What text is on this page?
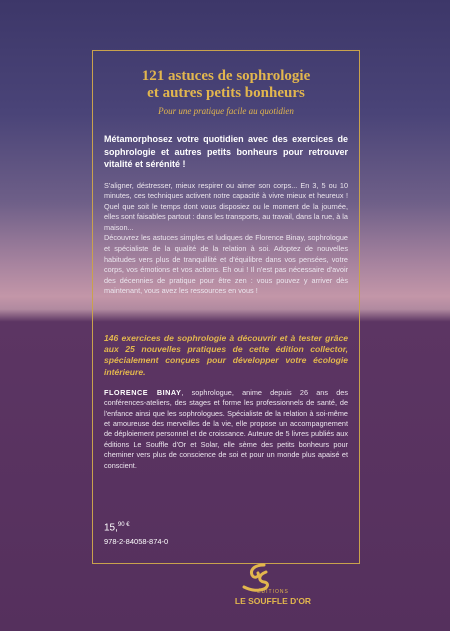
121 astuces de sophrologie
et autres petits bonheurs

Pour une pratique facile au quotidien

Métamorphosez votre quotidien avec des exercices de sophrologie et autres petits bonheurs pour retrouver vitalité et sérénité !

S'aligner, déstresser, mieux respirer ou aimer son corps... En 3, 5 ou 10 minutes, ces techniques activent notre capacité à vivre mieux et heureux ! Quel que soit le temps dont vous disposiez ou le moment de la journée, elles sont faisables partout : dans les transports, au travail, dans la rue, à la maison...

Découvrez les astuces simples et ludiques de Florence Binay, sophrologue et spécialiste de la qualité de la relation à soi. Adoptez de nouvelles habitudes vers plus de tranquillité et d'équilibre dans vos pensées, votre corps, vos émotions et vos actions. Eh oui ! Il n'est pas nécessaire d'avoir des décennies de pratique pour être zen : vous pouvez y arriver dès maintenant, vous avez les ressources en vous !

146 exercices de sophrologie à découvrir et à tester grâce aux 25 nouvelles pratiques de cette édition collector, spécialement conçues pour développer votre écologie intérieure.

FLORENCE BINAY, sophrologue, anime depuis 26 ans des conférences-ateliers, des stages et forme les professionnels de santé, de l'enfance ainsi que les sophrologues. Spécialiste de la relation à soi-même et amoureuse des merveilles de la vie, elle propose un accompagnement de déploiement personnel et de croissance. Auteure de 5 livres publiés aux éditions Le Souffle d'Or et Solar, elle sème des petits bonheurs pour cheminer vers plus de conscience de soi et pour un monde plus apaisé et conscient.

15,$^{90 €}$
978-2-84058-874-0
ÉDITIONS
LE SOUFFLE D'OR
